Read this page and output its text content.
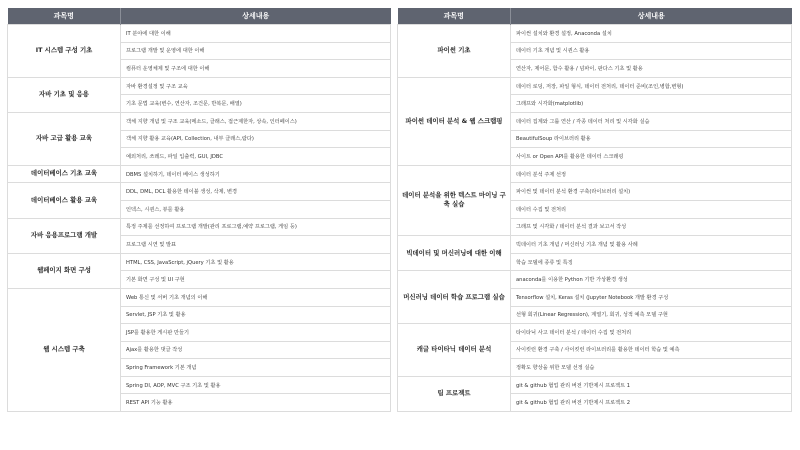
과목명	상세내용
IT 시스템 구성 기초	IT 분야에 대한 이해
	프로그램 개발 및 운영에 대한 이해
	컴퓨터 운영체제 및 구조에 대한 이해
자바 기초 및 응용	자바 환경설정 및 구조 교육
	기초 문법 교육(변수, 연산자, 조건문, 반복문, 배열)
자바 고급 활용 교육	객체 지향 개념 및 구조 교육(메소드, 클래스, 접근제한자, 상속, 인터페이스)
	객체 지향 활용 교육(API, Collection, 내부 클래스,람다)
	예외처리, 쓰레드, 파일 입출력, GUI, JDBC
데이터베이스 기초 교육	DBMS 설치하기, 데이터 베이스 생성하기
데이터베이스 활용 교육	DDL, DML, DCL 활용한 테이블 생성, 삭제, 변경
	인덱스, 시퀀스, 뷰를 활용
자바 응용프로그램 개발	특정 주제를 선정하여 프로그램 개발(관리 프로그램,예약 프로그램, 게임 등)
	프로그램 시연 및 발표
웹페이지 화면 구성	HTML, CSS, JavaScript, jQuery 기초 및 활용
	기본 화면 구성 및 UI 구현
웹 시스템 구축	Web 통신 및 서버 기초 개념의 이해
	Servlet, JSP 기초 및 활용
	JSP를 활용한 게시판 만들기
	Ajax를 활용한 댓글 작성
	Spring Framework 기본 개념
	Spring DI, AOP, MVC 구조 기초 및 활용
	REST API 기능 활용
과목명	상세내용
파이썬 기초	파이썬 설치와 환경 설정, Anaconda 설치
	데이터 기초 개념 및 시퀀스 활용
	연산자, 제어문, 함수 활용 / 넘파이, 판다스 기초 및 활용
파이썬 데이터 분석 & 웹 스크랩핑	데이터 로딩, 저장, 파일 형식, 데이터 전처리, 데이터 준비(조인,병합,변형)
	그래프와 시각화(matplotlib)
	데이터 집계와 그룹 연산 / 각종 데이터 처리 및 시각화 실습
	BeautifulSoup 라이브러리 활용
	사이트 or Open API를 활용한 데이터 스크래핑
데이터 분석을 위한 텍스트 마이닝 구축 실습	데이터 분석 주제 선정
	파이썬 및 데이터 분석 환경 구축(라이브러리 설치)
	데이터 수집 및 전처리
	그래프 및 시각화 / 데이터 분석 결과 보고서 작성
빅데이터 및 머신러닝에 대한 이해	빅데이터 기초 개념 / 머신러닝 기초 개념 및 활용 사례
	학습 모델에 종류 및 특징
머신러닝 데이터 학습 프로그램 실습	anaconda를 이용한 Python 기반 가상환경 생성
	Tensorflow 설치, Keras 설치 (Jupyter Notebook 개발 환경 구성
	선형 회귀(Linear Regression), 계열기, 회귀, 성적 예측 모델 구현
캐글 타이타닉 데이터 분석	타이타닉 사고 데이터 분석 / 데이터 수집 및 전처리
	사이킷런 환경 구축 / 사이킷런 라이브러리를 활용한 데이터 학습 및 예측
	정확도 향상을 위한 모델 선정 실습
팀 프로젝트	git & github 협업 관리 버전 기반제시 프로젝트 1
	git & github 협업 관리 버전 기반제시 프로젝트 2
